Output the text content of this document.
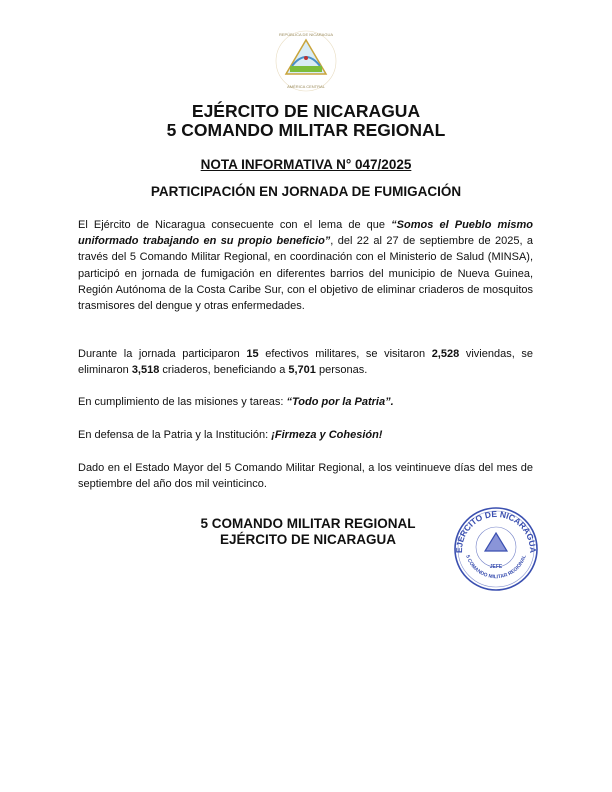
REPÚBLICA DE NICARAGUA
AMÉRICA CENTRAL
EJÉRCITO DE NICARAGUA
5 COMANDO MILITAR REGIONAL
NOTA INFORMATIVA N° 047/2025
PARTICIPACIÓN EN JORNADA DE FUMIGACIÓN
El Ejército de Nicaragua consecuente con el lema de que “Somos el Pueblo mismo uniformado trabajando en su propio beneficio”, del 22 al 27 de septiembre de 2025, a través del 5 Comando Militar Regional, en coordinación con el Ministerio de Salud (MINSA), participó en jornada de fumigación en diferentes barrios del municipio de Nueva Guinea, Región Autónoma de la Costa Caribe Sur, con el objetivo de eliminar criaderos de mosquitos trasmisores del dengue y otras enfermedades.
Durante la jornada participaron 15 efectivos militares, se visitaron 2,528 viviendas, se eliminaron 3,518 criaderos, beneficiando a 5,701 personas.
En cumplimiento de las misiones y tareas: “Todo por la Patria”.
En defensa de la Patria y la Institución: ¡Firmeza y Cohesión!
Dado en el Estado Mayor del 5 Comando Militar Regional, a los veintinueve días del mes de septiembre del año dos mil veinticinco.
5 COMANDO MILITAR REGIONAL
EJÉRCITO DE NICARAGUA
EJÉRCITO DE NICARAGUA
5 COMANDO MILITAR REGIONAL
JEFE
